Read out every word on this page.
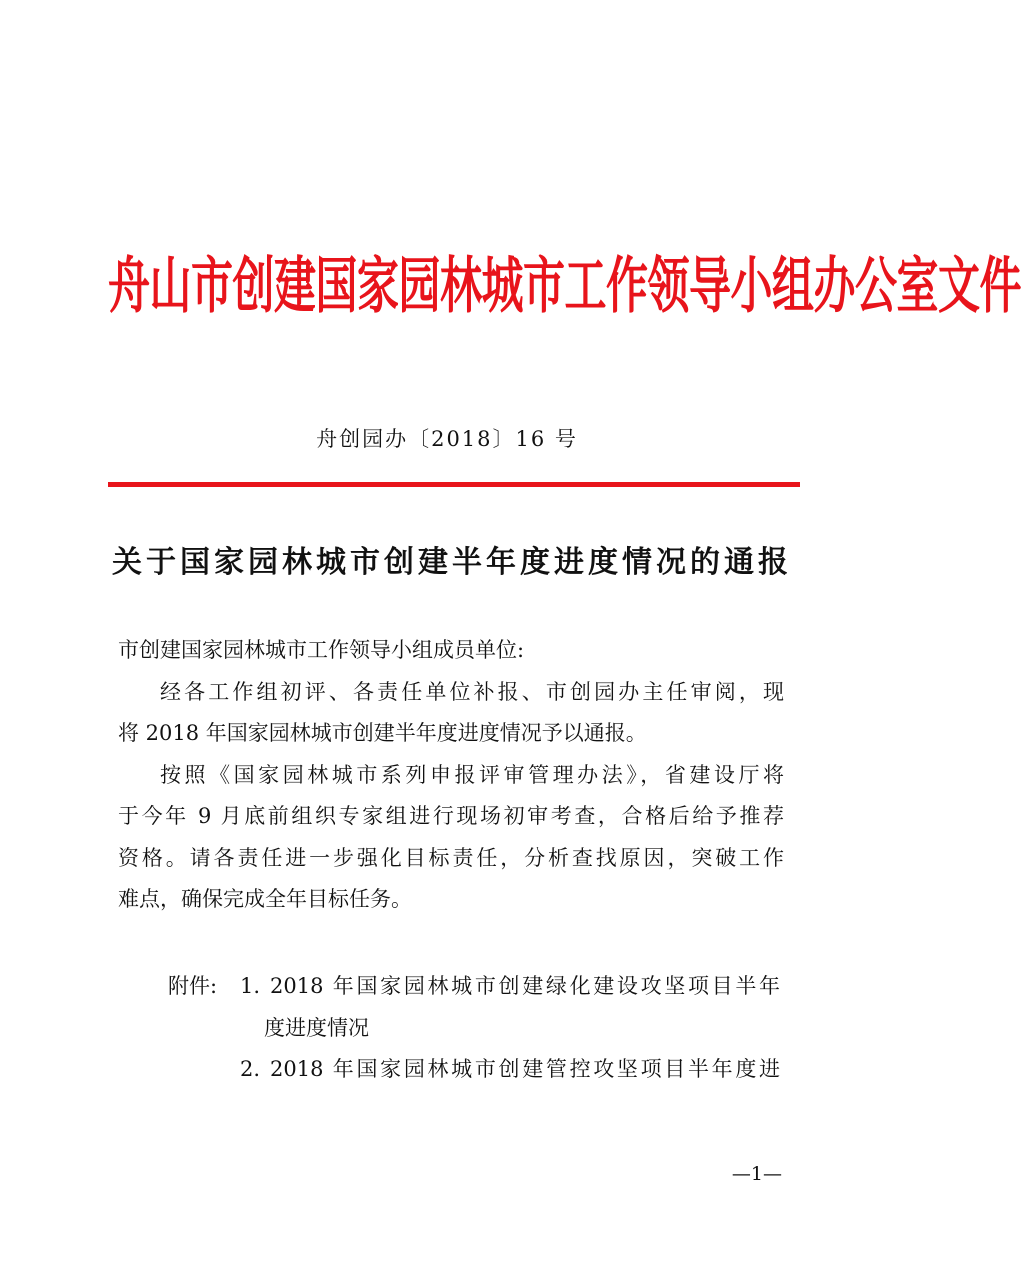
舟山市创建国家园林城市工作领导小组办公室文件
舟创园办〔2018〕16 号
关于国家园林城市创建半年度进度情况的通报
市创建国家园林城市工作领导小组成员单位:
经各工作组初评、各责任单位补报、市创园办主任审阅，现
将 2018 年国家园林城市创建半年度进度情况予以通报。
按照《国家园林城市系列申报评审管理办法》，省建设厅将
于今年 9 月底前组织专家组进行现场初审考查，合格后给予推荐
资格。请各责任进一步强化目标责任，分析查找原因，突破工作
难点，确保完成全年目标任务。
附件: 1. 2018 年国家园林城市创建绿化建设攻坚项目半年
度进度情况
2. 2018 年国家园林城市创建管控攻坚项目半年度进
—1—
